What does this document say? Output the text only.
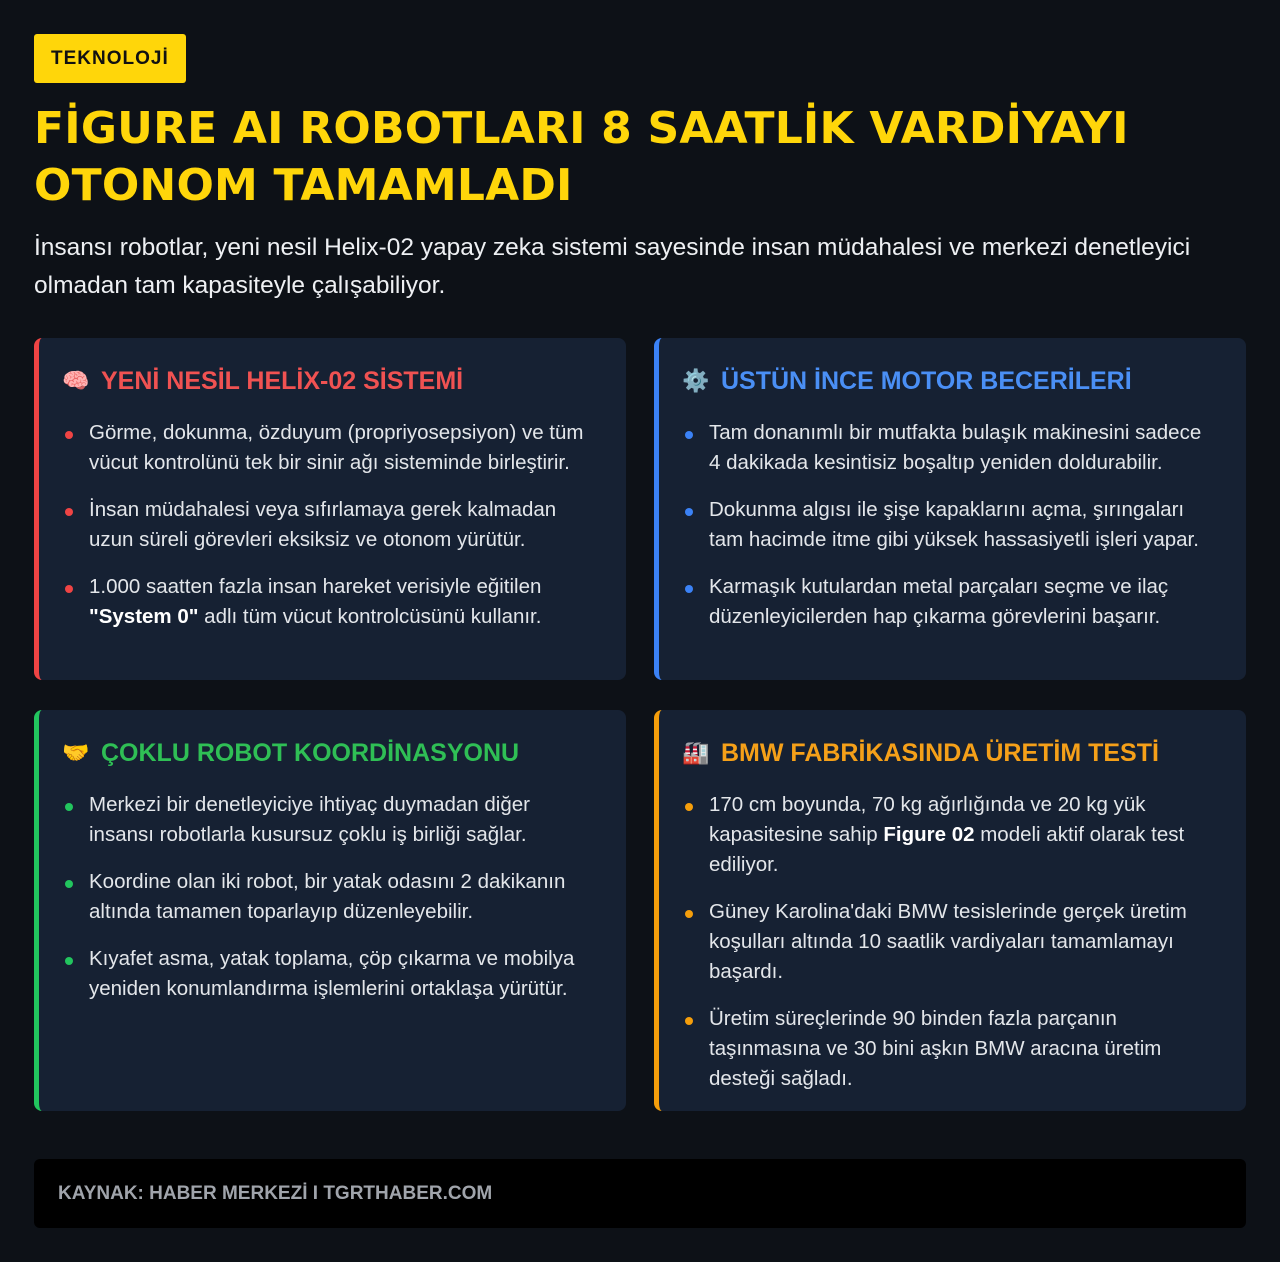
TEKNOLOJİ
FİGURE AI ROBOTLARI 8 SAATLİK VARDİYAYI OTONOM TAMAMLADI

İnsansı robotlar, yeni nesil Helix-02 yapay zeka sistemi sayesinde insan müdahalesi ve merkezi denetleyici olmadan tam kapasiteyle çalışabiliyor.

🧠 YENİ NESİL HELİX-02 SİSTEMİ
Görme, dokunma, özduyum (propriyosepsiyon) ve tüm vücut kontrolünü tek bir sinir ağı sisteminde birleştirir.
İnsan müdahalesi veya sıfırlamaya gerek kalmadan uzun süreli görevleri eksiksiz ve otonom yürütür.
1.000 saatten fazla insan hareket verisiyle eğitilen "System 0" adlı tüm vücut kontrolcüsünü kullanır.
⚙️ ÜSTÜN İNCE MOTOR BECERİLERİ
Tam donanımlı bir mutfakta bulaşık makinesini sadece 4 dakikada kesintisiz boşaltıp yeniden doldurabilir.
Dokunma algısı ile şişe kapaklarını açma, şırıngaları tam hacimde itme gibi yüksek hassasiyetli işleri yapar.
Karmaşık kutulardan metal parçaları seçme ve ilaç düzenleyicilerden hap çıkarma görevlerini başarır.
🤝 ÇOKLU ROBOT KOORDİNASYONU
Merkezi bir denetleyiciye ihtiyaç duymadan diğer insansı robotlarla kusursuz çoklu iş birliği sağlar.
Koordine olan iki robot, bir yatak odasını 2 dakikanın altında tamamen toparlayıp düzenleyebilir.
Kıyafet asma, yatak toplama, çöp çıkarma ve mobilya yeniden konumlandırma işlemlerini ortaklaşa yürütür.
🏭 BMW FABRİKASINDA ÜRETİM TESTİ
170 cm boyunda, 70 kg ağırlığında ve 20 kg yük kapasitesine sahip Figure 02 modeli aktif olarak test ediliyor.
Güney Karolina'daki BMW tesislerinde gerçek üretim koşulları altında 10 saatlik vardiyaları tamamlamayı başardı.
Üretim süreçlerinde 90 binden fazla parçanın taşınmasına ve 30 bini aşkın BMW aracına üretim desteği sağladı.
KAYNAK: HABER MERKEZİ I TGRTHABER.COM
